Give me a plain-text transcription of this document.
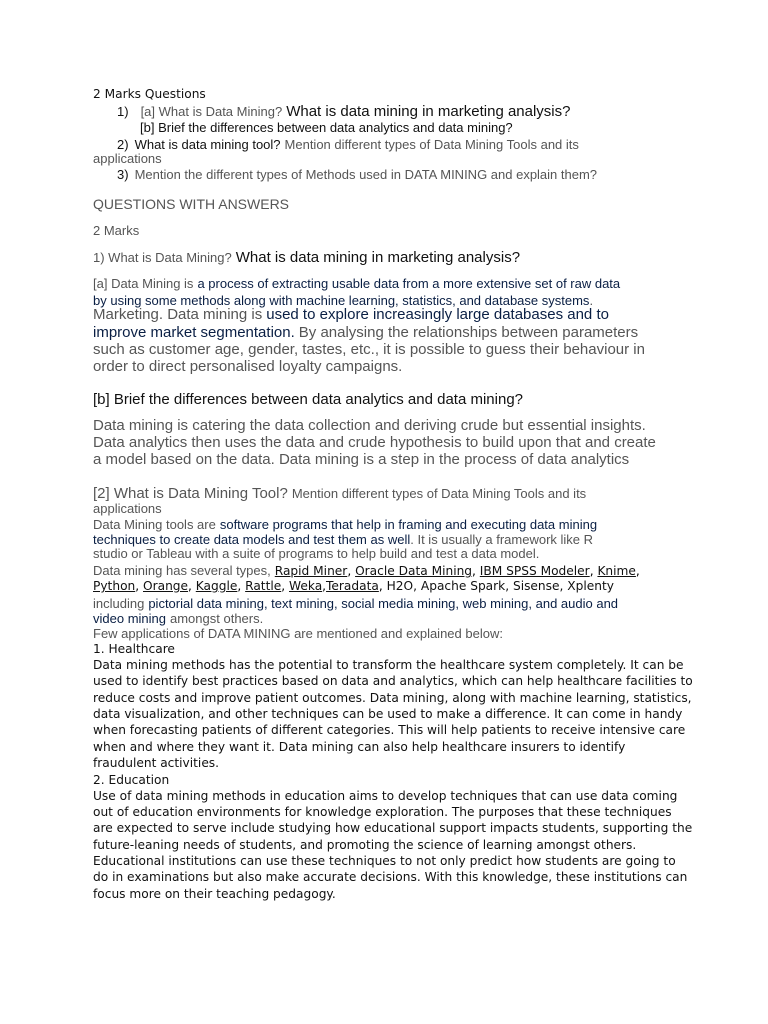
2 Marks Questions
1) [a] What is Data Mining? What is data mining in marketing analysis?
[b] Brief the differences between data analytics and data mining?
2) What is data mining tool? Mention different types of Data Mining Tools and its
applications
3) Mention the different types of Methods used in DATA MINING and explain them?
QUESTIONS WITH ANSWERS
2 Marks
1) What is Data Mining? What is data mining in marketing analysis?
[a] Data Mining is a process of extracting usable data from a more extensive set of raw data
by using some methods along with machine learning, statistics, and database systems.
Marketing. Data mining is used to explore increasingly large databases and to
improve market segmentation. By analysing the relationships between parameters
such as customer age, gender, tastes, etc., it is possible to guess their behaviour in
order to direct personalised loyalty campaigns.
[b] Brief the differences between data analytics and data mining?
Data mining is catering the data collection and deriving crude but essential insights.
Data analytics then uses the data and crude hypothesis to build upon that and create
a model based on the data. Data mining is a step in the process of data analytics
[2] What is Data Mining Tool? Mention different types of Data Mining Tools and its
applications
Data Mining tools are software programs that help in framing and executing data mining
techniques to create data models and test them as well. It is usually a framework like R
studio or Tableau with a suite of programs to help build and test a data model.
Data mining has several types, Rapid Miner, Oracle Data Mining, IBM SPSS Modeler, Knime,
Python, Orange, Kaggle, Rattle, Weka,Teradata, H2O, Apache Spark, Sisense, Xplenty
including pictorial data mining, text mining, social media mining, web mining, and audio and
video mining amongst others.
Few applications of DATA MINING are mentioned and explained below:
1. Healthcare
Data mining methods has the potential to transform the healthcare system completely. It can be
used to identify best practices based on data and analytics, which can help healthcare facilities to
reduce costs and improve patient outcomes. Data mining, along with machine learning, statistics,
data visualization, and other techniques can be used to make a difference. It can come in handy
when forecasting patients of different categories. This will help patients to receive intensive care
when and where they want it. Data mining can also help healthcare insurers to identify
fraudulent activities.
2. Education
Use of data mining methods in education aims to develop techniques that can use data coming
out of education environments for knowledge exploration. The purposes that these techniques
are expected to serve include studying how educational support impacts students, supporting the
future-leaning needs of students, and promoting the science of learning amongst others.
Educational institutions can use these techniques to not only predict how students are going to
do in examinations but also make accurate decisions. With this knowledge, these institutions can
focus more on their teaching pedagogy.
